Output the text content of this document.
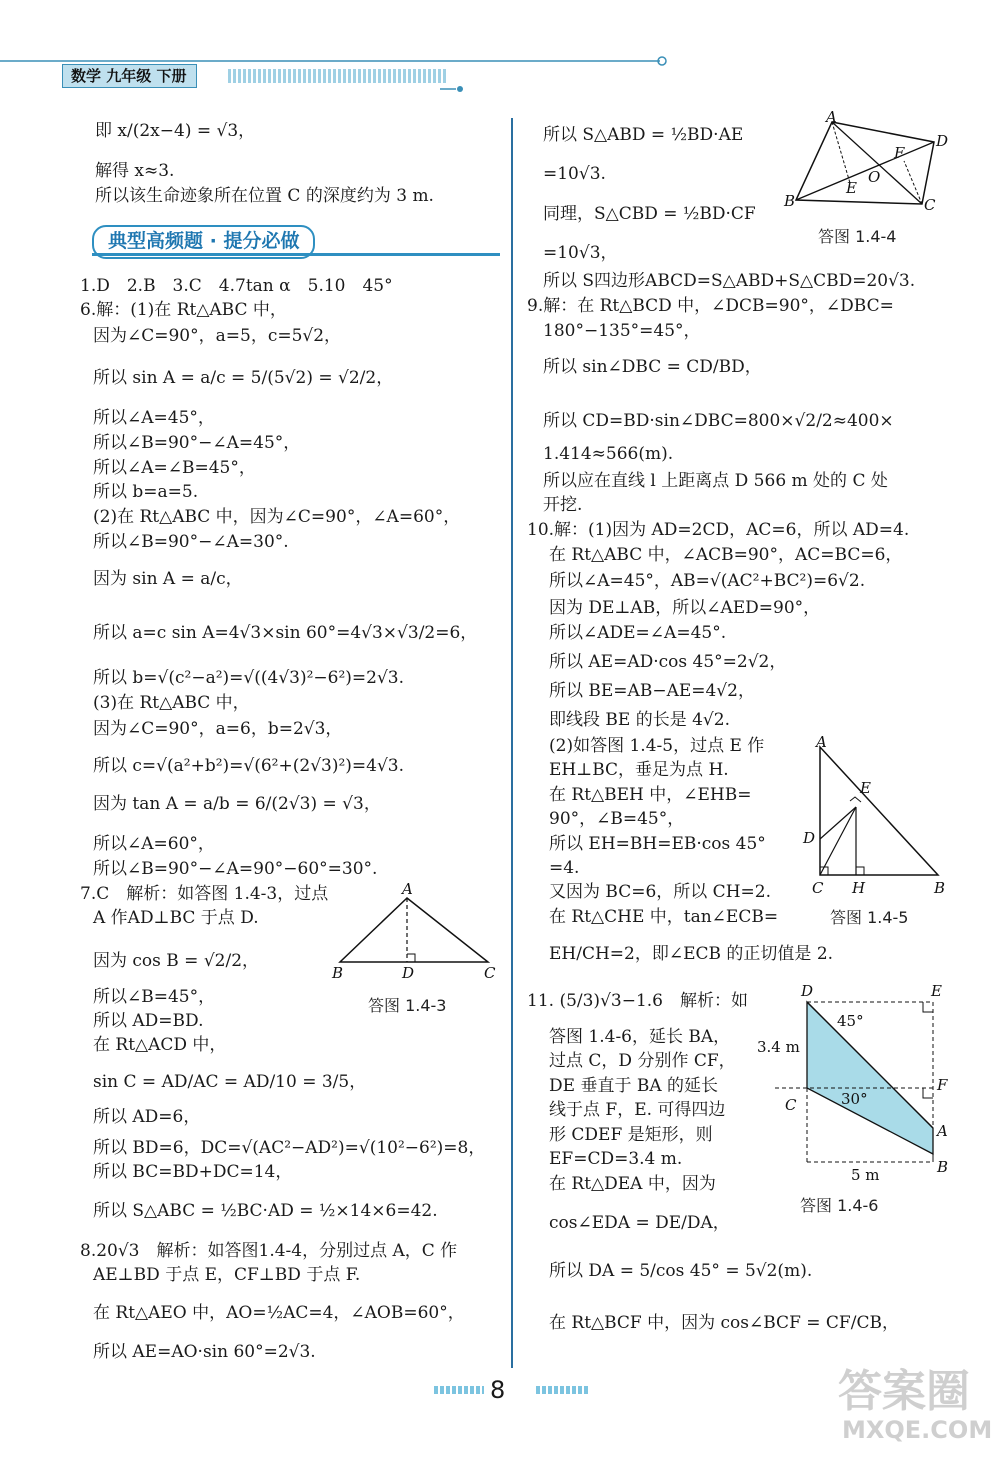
数学 九年级 下册
典型高频题 · 提分必做
即 x/(2x−4) = √3，
解得 x≈3.
所以该生命迹象所在位置 C 的深度约为 3 m.
1.D　2.B　3.C　4.7tan α　5.10　45°
6.解：(1)在 Rt△ABC 中，
因为∠C=90°，a=5，c=5√2，
所以 sin A = a/c = 5/(5√2) = √2/2，
所以∠A=45°，
所以∠B=90°−∠A=45°，
所以∠A=∠B=45°，
所以 b=a=5.
(2)在 Rt△ABC 中，因为∠C=90°，∠A=60°，
所以∠B=90°−∠A=30°.
因为 sin A = a/c，
所以 a=c sin A=4√3×sin 60°=4√3×√3/2=6，
所以 b=√(c²−a²)=√((4√3)²−6²)=2√3.
(3)在 Rt△ABC 中，
因为∠C=90°，a=6，b=2√3，
所以 c=√(a²+b²)=√(6²+(2√3)²)=4√3.
因为 tan A = a/b = 6/(2√3) = √3，
所以∠A=60°，
所以∠B=90°−∠A=90°−60°=30°.
7.C　解析：如答图 1.4-3，过点
A 作AD⊥BC 于点 D.
因为 cos B = √2/2，
所以∠B=45°，
所以 AD=BD.
在 Rt△ACD 中，
sin C = AD/AC = AD/10 = 3/5，
所以 AD=6，
所以 BD=6，DC=√(AC²−AD²)=√(10²−6²)=8，
所以 BC=BD+DC=14，
所以 S△ABC = ½BC·AD = ½×14×6=42.
8.20√3　解析：如答图1.4-4，分别过点 A，C 作
AE⊥BD 于点 E，CF⊥BD 于点 F.
在 Rt△AEO 中，AO=½AC=4，∠AOB=60°，
所以 AE=AO·sin 60°=2√3.
所以 S△ABD = ½BD·AE
=10√3.
同理，S△CBD = ½BD·CF
=10√3，
所以 S四边形ABCD=S△ABD+S△CBD=20√3.
9.解：在 Rt△BCD 中，∠DCB=90°，∠DBC=
180°−135°=45°，
所以 sin∠DBC = CD/BD，
所以 CD=BD·sin∠DBC=800×√2/2≈400×
1.414≈566(m).
所以应在直线 l 上距离点 D 566 m 处的 C 处
开挖.
10.解：(1)因为 AD=2CD，AC=6，所以 AD=4.
在 Rt△ABC 中，∠ACB=90°，AC=BC=6，
所以∠A=45°，AB=√(AC²+BC²)=6√2.
因为 DE⊥AB，所以∠AED=90°，
所以∠ADE=∠A=45°.
所以 AE=AD·cos 45°=2√2，
所以 BE=AB−AE=4√2，
即线段 BE 的长是 4√2.
(2)如答图 1.4-5，过点 E 作
EH⊥BC，垂足为点 H.
在 Rt△BEH 中，∠EHB=
90°，∠B=45°，
所以 EH=BH=EB·cos 45°
=4.
又因为 BC=6，所以 CH=2.
在 Rt△CHE 中，tan∠ECB=
EH/CH=2，即∠ECB 的正切值是 2.
11. (5/3)√3−1.6　解析：如
答图 1.4-6，延长 BA，
过点 C，D 分别作 CF，
DE 垂直于 BA 的延长
线于点 F，E. 可得四边
形 CDEF 是矩形，则
EF=CD=3.4 m.
在 Rt△DEA 中，因为
cos∠EDA = DE/DA，
所以 DA = 5/cos 45° = 5√2(m).
在 Rt△BCF 中，因为 cos∠BCF = CF/CB，
A
B	C
D
答图 1.4-3
A
D
B	C
E
F
O
答图 1.4-4
A
E
D
C H	B
答图 1.4-5
D	E
F
A
B
C
45°
30°
3.4 m
5 m
答图 1.4-6
8	答案圈
MXQE.COM
